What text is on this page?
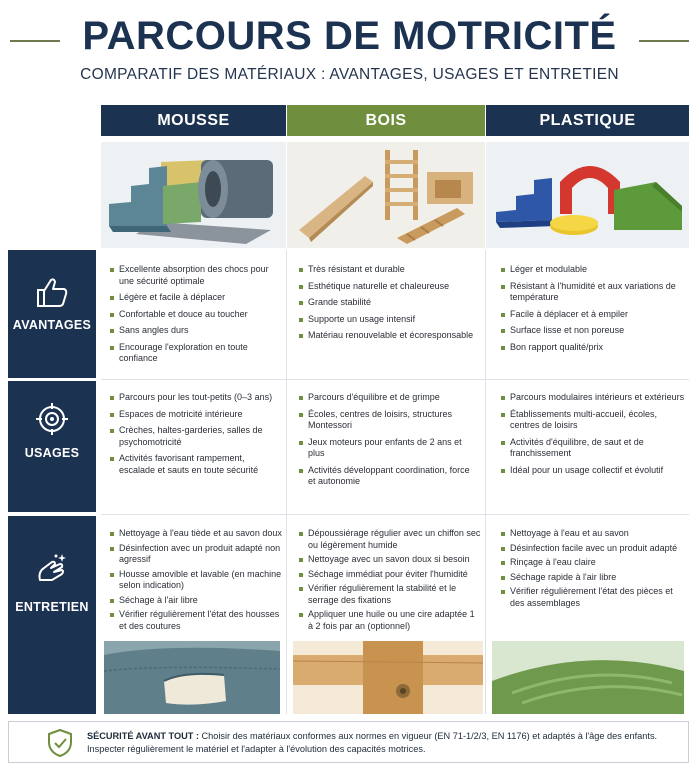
PARCOURS DE MOTRICITÉ
COMPARATIF DES MATÉRIAUX : AVANTAGES, USAGES ET ENTRETIEN
MOUSSE	BOIS	PLASTIQUE
AVANTAGES
USAGES
ENTRETIEN
Excellente absorption des chocs pour une sécurité optimale
Légère et facile à déplacer
Confortable et douce au toucher
Sans angles durs
Encourage l'exploration en toute confiance
Très résistant et durable
Esthétique naturelle et chaleureuse
Grande stabilité
Supporte un usage intensif
Matériau renouvelable et écoresponsable
Léger et modulable
Résistant à l'humidité et aux variations de température
Facile à déplacer et à empiler
Surface lisse et non poreuse
Bon rapport qualité/prix
Parcours pour les tout-petits (0–3 ans)
Espaces de motricité intérieure
Crèches, haltes-garderies, salles de psychomotricité
Activités favorisant rampement, escalade et sauts en toute sécurité
Parcours d'équilibre et de grimpe
Écoles, centres de loisirs, structures Montessori
Jeux moteurs pour enfants de 2 ans et plus
Activités développant coordination, force et autonomie
Parcours modulaires intérieurs et extérieurs
Établissements multi-accueil, écoles, centres de loisirs
Activités d'équilibre, de saut et de franchissement
Idéal pour un usage collectif et évolutif
Nettoyage à l'eau tiède et au savon doux
Désinfection avec un produit adapté non agressif
Housse amovible et lavable (en machine selon indication)
Séchage à l'air libre
Vérifier régulièrement l'état des housses et des coutures
Dépoussiérage régulier avec un chiffon sec ou légèrement humide
Nettoyage avec un savon doux si besoin
Séchage immédiat pour éviter l'humidité
Vérifier régulièrement la stabilité et le serrage des fixations
Appliquer une huile ou une cire adaptée 1 à 2 fois par an (optionnel)
Nettoyage à l'eau et au savon
Désinfection facile avec un produit adapté
Rinçage à l'eau claire
Séchage rapide à l'air libre
Vérifier régulièrement l'état des pièces et des assemblages
SÉCURITÉ AVANT TOUT : Choisir des matériaux conformes aux normes en vigueur (EN 71-1/2/3, EN 1176) et adaptés à l'âge des enfants.
Inspecter régulièrement le matériel et l'adapter à l'évolution des capacités motrices.
